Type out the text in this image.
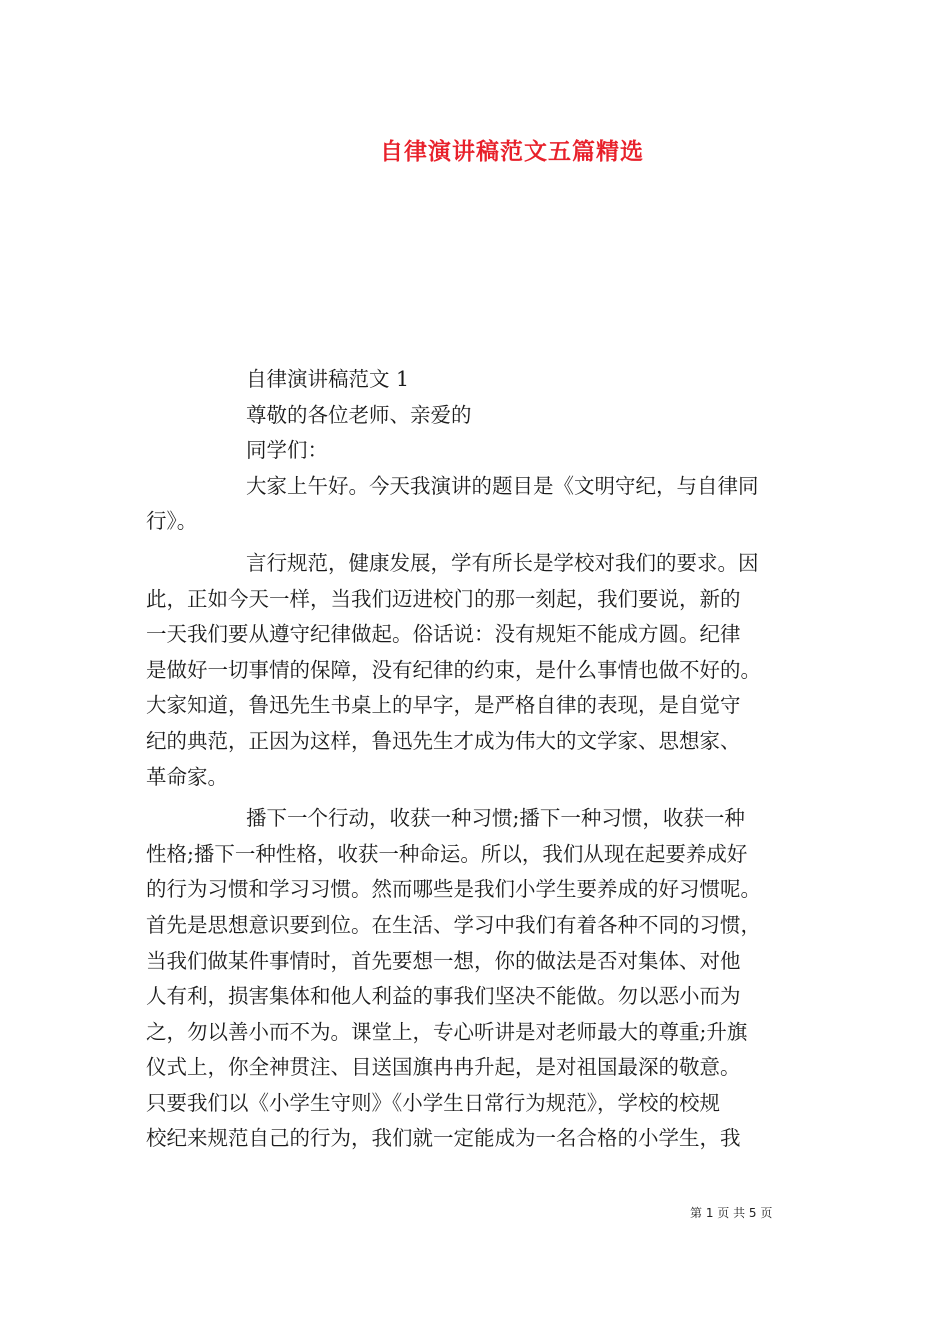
自律演讲稿范文五篇精选
自律演讲稿范文 1
尊敬的各位老师、亲爱的
同学们：
大家上午好。今天我演讲的题目是《文明守纪，与自律同
行》。
言行规范，健康发展，学有所长是学校对我们的要求。因
此，正如今天一样，当我们迈进校门的那一刻起，我们要说，新的
一天我们要从遵守纪律做起。俗话说：没有规矩不能成方圆。纪律
是做好一切事情的保障，没有纪律的约束，是什么事情也做不好的。
大家知道，鲁迅先生书桌上的早字，是严格自律的表现，是自觉守
纪的典范，正因为这样，鲁迅先生才成为伟大的文学家、思想家、
革命家。
播下一个行动，收获一种习惯;播下一种习惯，收获一种
性格;播下一种性格，收获一种命运。所以，我们从现在起要养成好
的行为习惯和学习习惯。然而哪些是我们小学生要养成的好习惯呢。
首先是思想意识要到位。在生活、学习中我们有着各种不同的习惯，
当我们做某件事情时，首先要想一想，你的做法是否对集体、对他
人有利，损害集体和他人利益的事我们坚决不能做。勿以恶小而为
之，勿以善小而不为。课堂上，专心听讲是对老师最大的尊重;升旗
仪式上，你全神贯注、目送国旗冉冉升起，是对祖国最深的敬意。
只要我们以《小学生守则》《小学生日常行为规范》，学校的校规
校纪来规范自己的行为，我们就一定能成为一名合格的小学生，我
第 1 页 共 5 页
